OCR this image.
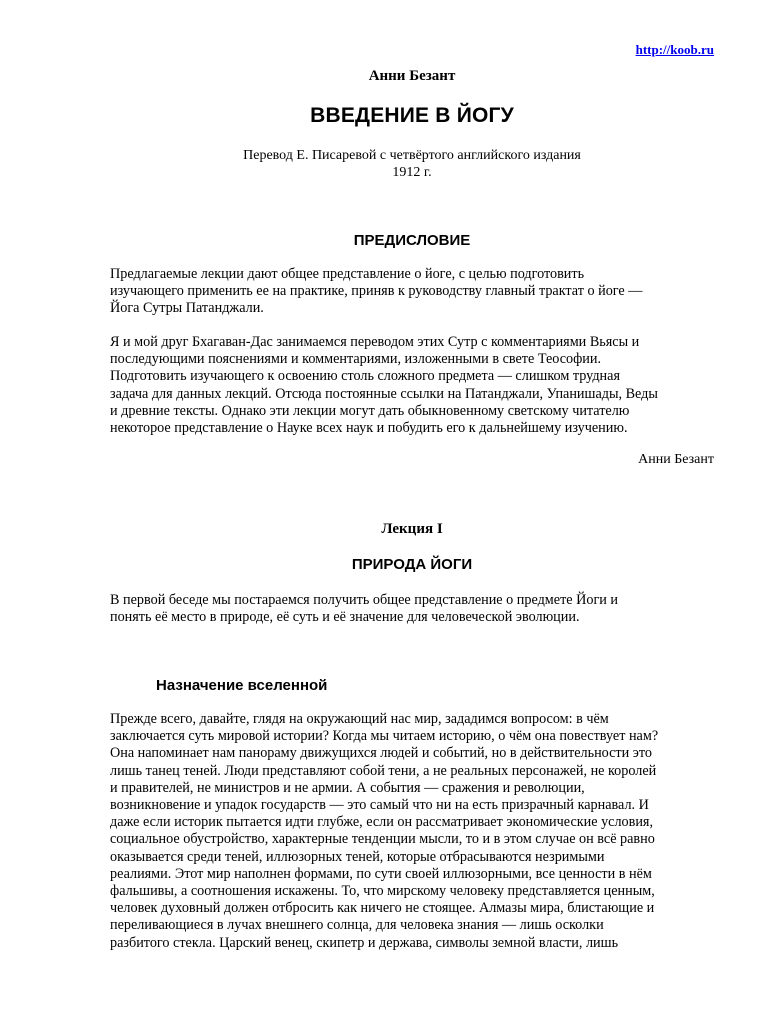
http://koob.ru
Анни Безант
ВВЕДЕНИЕ В ЙОГУ
Перевод Е. Писаревой с четвёртого английского издания
1912 г.
ПРЕДИСЛОВИЕ

Предлагаемые лекции дают общее представление о йоге, с целью подготовить
изучающего применить ее на практике, приняв к руководству главный трактат о йоге —
Йога Сутры Патанджали.

Я и мой друг Бхагаван-Дас занимаемся переводом этих Сутр с комментариями Вьясы и
последующими пояснениями и комментариями, изложенными в свете Теософии.
Подготовить изучающего к освоению столь сложного предмета — слишком трудная
задача для данных лекций. Отсюда постоянные ссылки на Патанджали, Упанишады, Веды
и древние тексты. Однако эти лекции могут дать обыкновенному светскому читателю
некоторое представление о Науке всех наук и побудить его к дальнейшему изучению.

Анни Безант
Лекция I
ПРИРОДА ЙОГИ

В первой беседе мы постараемся получить общее представление о предмете Йоги и
понять её место в природе, её суть и её значение для человеческой эволюции.

Назначение вселенной

Прежде всего, давайте, глядя на окружающий нас мир, зададимся вопросом: в чём
заключается суть мировой истории? Когда мы читаем историю, о чём она повествует нам?
Она напоминает нам панораму движущихся людей и событий, но в действительности это
лишь танец теней. Люди представляют собой тени, а не реальных персонажей, не королей
и правителей, не министров и не армии. А события — сражения и революции,
возникновение и упадок государств — это самый что ни на есть призрачный карнавал. И
даже если историк пытается идти глубже, если он рассматривает экономические условия,
социальное обустройство, характерные тенденции мысли, то и в этом случае он всё равно
оказывается среди теней, иллюзорных теней, которые отбрасываются незримыми
реалиями. Этот мир наполнен формами, по сути своей иллюзорными, все ценности в нём
фальшивы, а соотношения искажены. То, что мирскому человеку представляется ценным,
человек духовный должен отбросить как ничего не стоящее. Алмазы мира, блистающие и
переливающиеся в лучах внешнего солнца, для человека знания — лишь осколки
разбитого стекла. Царский венец, скипетр и держава, символы земной власти, лишь
